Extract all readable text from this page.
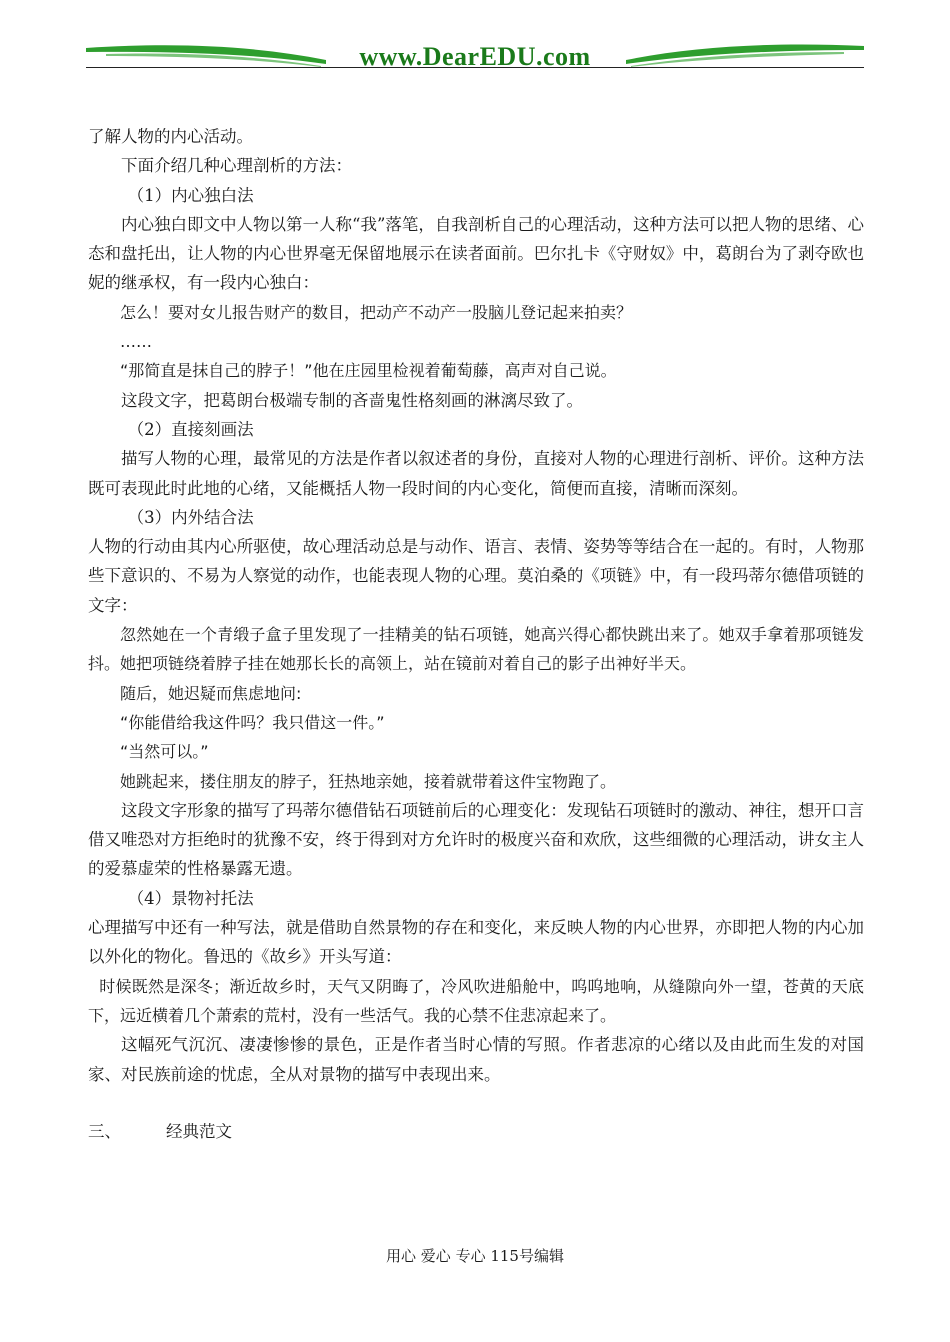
www.DearEDU.com

了解人物的内心活动。

下面介绍几种心理剖析的方法：

（1）内心独白法

内心独白即文中人物以第一人称“我”落笔，自我剖析自己的心理活动，这种方法可以把人物的思绪、心态和盘托出，让人物的内心世界毫无保留地展示在读者面前。巴尔扎卡《守财奴》中，葛朗台为了剥夺欧也妮的继承权，有一段内心独白：

怎么！要对女儿报告财产的数目，把动产不动产一股脑儿登记起来拍卖？

……

“那简直是抹自己的脖子！”他在庄园里检视着葡萄藤，高声对自己说。

这段文字，把葛朗台极端专制的吝啬鬼性格刻画的淋漓尽致了。

（2）直接刻画法

描写人物的心理，最常见的方法是作者以叙述者的身份，直接对人物的心理进行剖析、评价。这种方法既可表现此时此地的心绪，又能概括人物一段时间的内心变化，简便而直接，清晰而深刻。

（3）内外结合法

人物的行动由其内心所驱使，故心理活动总是与动作、语言、表情、姿势等等结合在一起的。有时，人物那些下意识的、不易为人察觉的动作，也能表现人物的心理。莫泊桑的《项链》中，有一段玛蒂尔德借项链的文字：

忽然她在一个青缎子盒子里发现了一挂精美的钻石项链，她高兴得心都快跳出来了。她双手拿着那项链发抖。她把项链绕着脖子挂在她那长长的高领上，站在镜前对着自己的影子出神好半天。

随后，她迟疑而焦虑地问:

“你能借给我这件吗？我只借这一件。”

“当然可以。”

她跳起来，搂住朋友的脖子，狂热地亲她，接着就带着这件宝物跑了。

这段文字形象的描写了玛蒂尔德借钻石项链前后的心理变化：发现钻石项链时的激动、神往，想开口言借又唯恐对方拒绝时的犹豫不安，终于得到对方允许时的极度兴奋和欢欣，这些细微的心理活动，讲女主人的爱慕虚荣的性格暴露无遗。

（4）景物衬托法

心理描写中还有一种写法，就是借助自然景物的存在和变化，来反映人物的内心世界，亦即把人物的内心加以外化的物化。鲁迅的《故乡》开头写道：

时候既然是深冬；渐近故乡时，天气又阴晦了，冷风吹进船舱中，呜呜地响，从缝隙向外一望，苍黄的天底下，远近横着几个萧索的荒村，没有一些活气。我的心禁不住悲凉起来了。

这幅死气沉沉、凄凄惨惨的景色，正是作者当时心情的写照。作者悲凉的心绪以及由此而生发的对国家、对民族前途的忧虑，全从对景物的描写中表现出来。

三、	经典范文

用心 爱心 专心 115号编辑
